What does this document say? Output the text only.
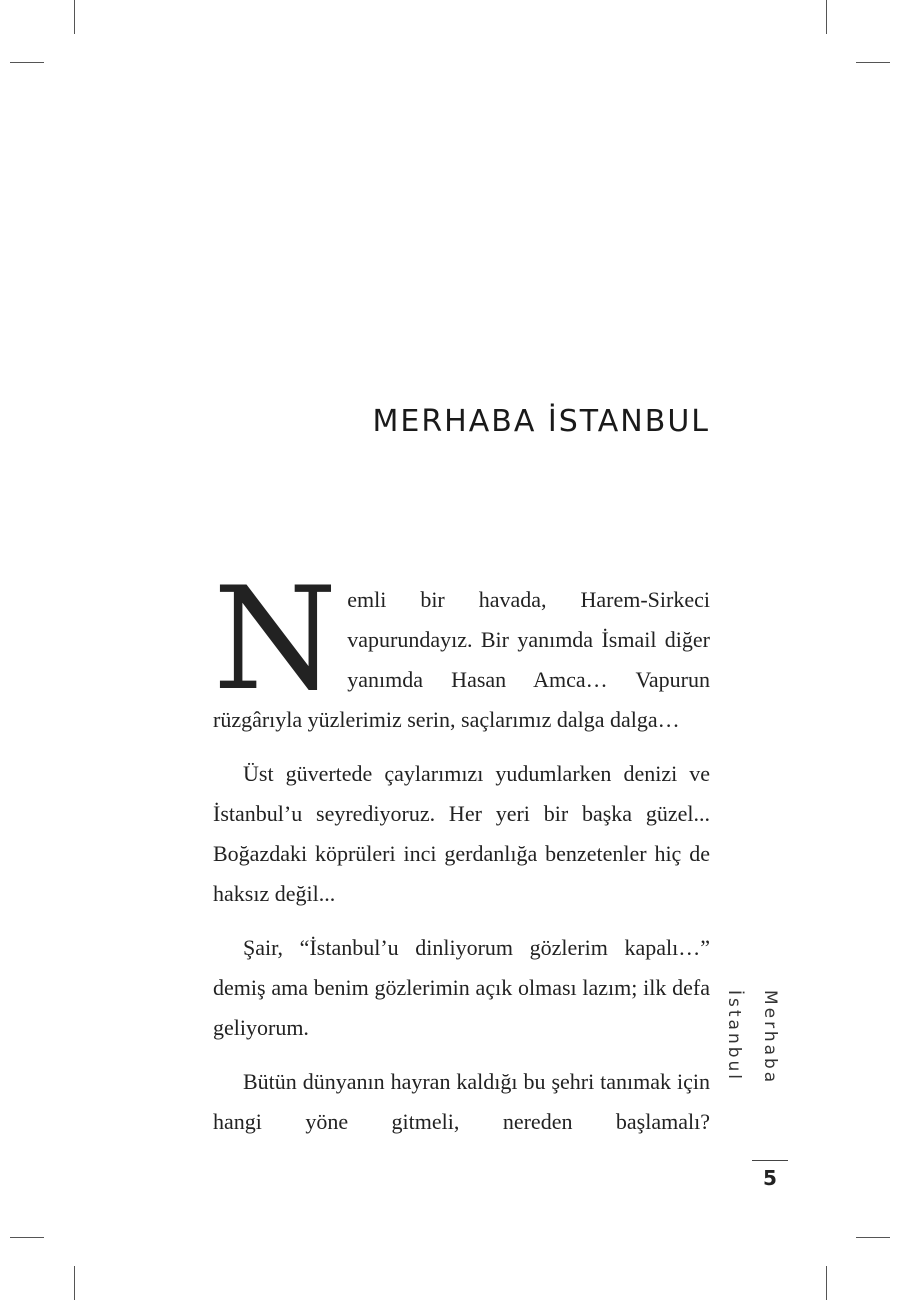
MERHABA İSTANBUL

Nemli bir havada, Harem-Sirkeci vapurundayız. Bir yanımda İsmail diğer yanımda Hasan Amca… Vapurun rüzgârıyla yüzlerimiz serin, saçlarımız dalga dalga…

Üst güvertede çaylarımızı yudumlarken denizi ve İstanbul’u seyrediyoruz. Her yeri bir başka güzel... Boğazdaki köprüleri inci gerdanlığa benzetenler hiç de haksız değil...

Şair, “İstanbul’u dinliyorum gözlerim kapalı…” demiş ama benim gözlerimin açık olması lazım; ilk defa geliyorum.

Bütün dünyanın hayran kaldığı bu şehri tanımak için hangi yöne gitmeli, nereden başlamalı?

Merhaba İstanbul
5
